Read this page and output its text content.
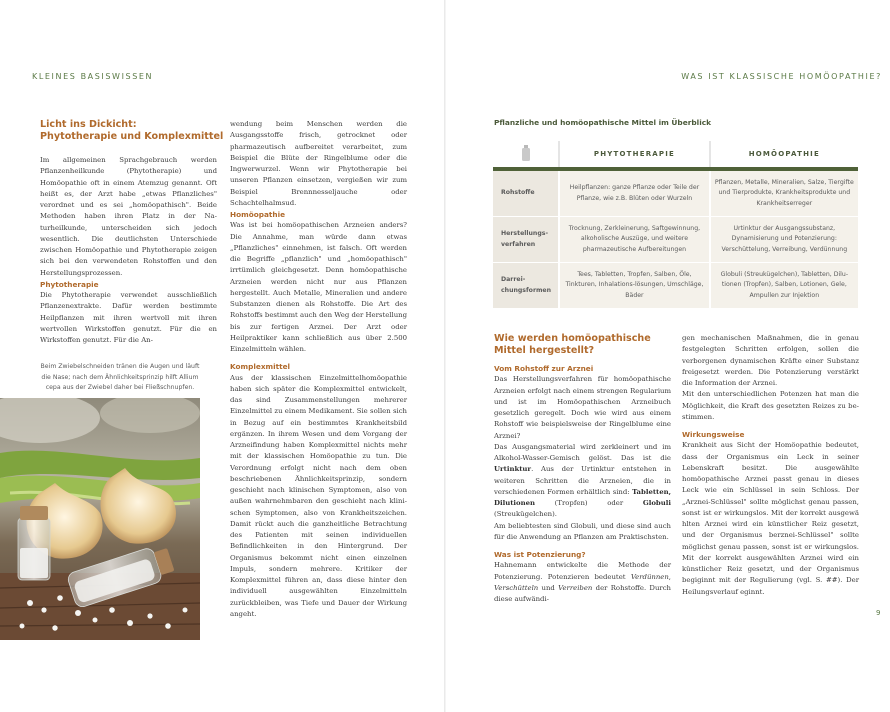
KLEINES BASISWISSEN

Licht ins Dickicht:

Phytotherapie und Komplexmittel

Im allgemeinen Sprachgebrauch werden Pflanzenheilkunde (Phytotherapie) und Homöopathie oft in einem Atemzug genannt. Oft heißt es, der Arzt habe „etwas Pflanzliches" verordnet und es sei „homöopathisch". Beide Methoden haben ihren Platz in der Naturheilkunde, unterscheiden sich jedoch wesentlich. Die deutlichsten Unterschiede zwischen Homöopathie und Phytotherapie zeigen sich bei den verwendeten Rohstoffen und den Herstellungsprozessen.

Phytotherapie

Die Phytotherapie verwendet ausschließlich Pflanzenextrakte. Dafür werden bestimmte Heilpflanzen mit ihren wertvoll mit ihren wertvollen Wirkstoffen genutzt. Für die en Wirkstoffen genutzt. Für die An-

Beim Zwiebelschneiden tränen die Augen und läuft die Nase; nach dem Ähnlichkeitsprinzip hilft Allium cepa aus der Zwiebel daher bei Fließschnupfen.

wendung beim Menschen werden die Ausgangsstoffe frisch, getrocknet oder pharmazeutisch aufbereitet verarbeitet, zum Beispiel die Blüte der Ringelblume oder die Ingwerwurzel. Wenn wir Phytotherapie bei unseren Pflanzen einsetzen, vergießen wir zum Beispiel Brennnesseljauche oder Schachtelhalmsud.

Homöopathie

Was ist bei homöopathischen Arzneien anders? Die Annahme, man würde dann etwas „Pflanzliches" einnehmen, ist falsch. Oft werden die Begriffe „pflanzlich" und „homöopathisch" irrtümlich gleichgesetzt. Denn homöopathische Arzneien werden nicht nur aus Pflanzen hergestellt. Auch Metalle, Mineralien und andere Substanzen dienen als Rohstoffe. Die Art des Rohstoffs bestimmt auch den Weg der Herstellung bis zur fertigen Arznei. Der Arzt oder Heilpraktiker kann schließlich aus über 2.500 Einzelmitteln wählen.

Komplexmittel

Aus der klassischen Einzelmittelhomöopathie haben sich später die Komplexmittel entwickelt, das sind Zusammenstellungen mehrerer Einzelmittel zu einem Medikament. Sie sollen sich in Bezug auf ein bestimmtes Krankheitsbild ergänzen. In ihrem Wesen und dem Vorgang der Arzneifindung haben Komplexmittel nichts mehr mit der klassischen Homöopathie zu tun. Die Verordnung erfolgt nicht nach dem oben beschriebenen Ähnlichkeitsprinzip, sondern geschieht nach klinischen Symptomen, also von außen wahrnehmbaren den geschieht nach klinischen Symptomen, also von Krankheitszeichen. Damit rückt auch die ganzheitliche Betrachtung des Patienten mit seinen individuellen Befindlichkeiten in den Hintergrund. Der Organismus bekommt nicht einen einzelnen Impuls, sondern mehrere. Kritiker der Komplexmittel führen an, dass diese hinter den individuell ausgewählten Einzelmitteln zurückbleiben, was Tiefe und Dauer der Wirkung angeht.

WAS IST KLASSISCHE HOMÖOPATHIE?
Pflanzliche und homöopathische Mittel im Überblick
	PHYTOTHERAPIE	HOMÖOPATHIE
Rohstoffe	Heilpflanzen: ganze Pflanze oder Teile der Pflanze, wie z.B. Blüten oder Wurzeln	Pflanzen, Metalle, Mineralien, Salze, Tiergifte und Tierprodukte, Krankheitsprodukte und Krankheitserreger
Herstellungsverfahren	Trocknung, Zerkleinerung, Saftgewinnung, alkoholische Auszüge, und weitere pharmazeutische Aufbereitungen	Urtinktur der Ausgangssubstanz, Dynamisierung und Potenzierung: Verschüttelung, Verreibung, Verdünnung
Darreichungsformen	Tees, Tabletten, Tropfen, Salben, Öle, Tinkturen, Inhalations-lösungen, Umschläge, Bäder	Globuli (Streukügelchen), Tabletten, Dilutionen (Tropfen), Salben, Lotionen, Gele, Ampullen zur Injektion

Wie werden homöopathische

Mittel hergestellt?

Vom Rohstoff zur Arznei

Das Herstellungsverfahren für homöopathische Arzneien erfolgt nach einem strengen Regularium und ist im Homöopathischen Arzneibuch gesetzlich geregelt. Doch wie wird aus einem Rohstoff wie beispielsweise der Ringelblume eine Arznei?

Das Ausgangsmaterial wird zerkleinert und im Alkohol-Wasser-Gemisch gelöst. Das ist die Urtinktur. Aus der Urtinktur entstehen in weiteren Schritten die Arzneien, die in verschiedenen Formen erhältlich sind: Tabletten, Dilutionen (Tropfen) oder Globuli (Streukügelchen).

Am beliebtesten sind Globuli, und diese sind auch für die Anwendung an Pflanzen am Praktischsten.

Was ist Potenzierung?

Hahnemann entwickelte die Methode der Potenzierung. Potenzieren bedeutet Verdünnen, Verschütteln und Verreiben der Rohstoffe. Durch diese aufwändi-

gen mechanischen Maßnahmen, die in genau festgelegten Schritten erfolgen, sollen die verborgenen dynamischen Kräfte einer Substanz freigesetzt werden. Die Potenzierung verstärkt die Information der Arznei.

Mit den unterschiedlichen Potenzen hat man die Möglichkeit, die Kraft des gesetzten Reizes zu bestimmen.

Wirkungsweise

Krankheit aus Sicht der Homöopathie bedeutet, dass der Organismus ein Leck in seiner Lebenskraft besitzt. Die ausgewählte homöopathische Arznei passt genau in dieses Leck wie ein Schlüssel in sein Schloss. Der „Arznei-Schlüssel" sollte möglichst genau passen, sonst ist er wirkungslos. Mit der korrekt ausgewä hlten Arznei wird ein künstlicher Reiz gesetzt, und der Organismus berznei-Schlüssel" sollte möglichst genau passen, sonst ist er wirkungslos. Mit der korrekt ausgewählten Arznei wird ein künstlicher Reiz gesetzt, und der Organismus begiginnt mit der Regulierung (vgl. S. ##). Der Heilungsverlauf eginnt.

9
